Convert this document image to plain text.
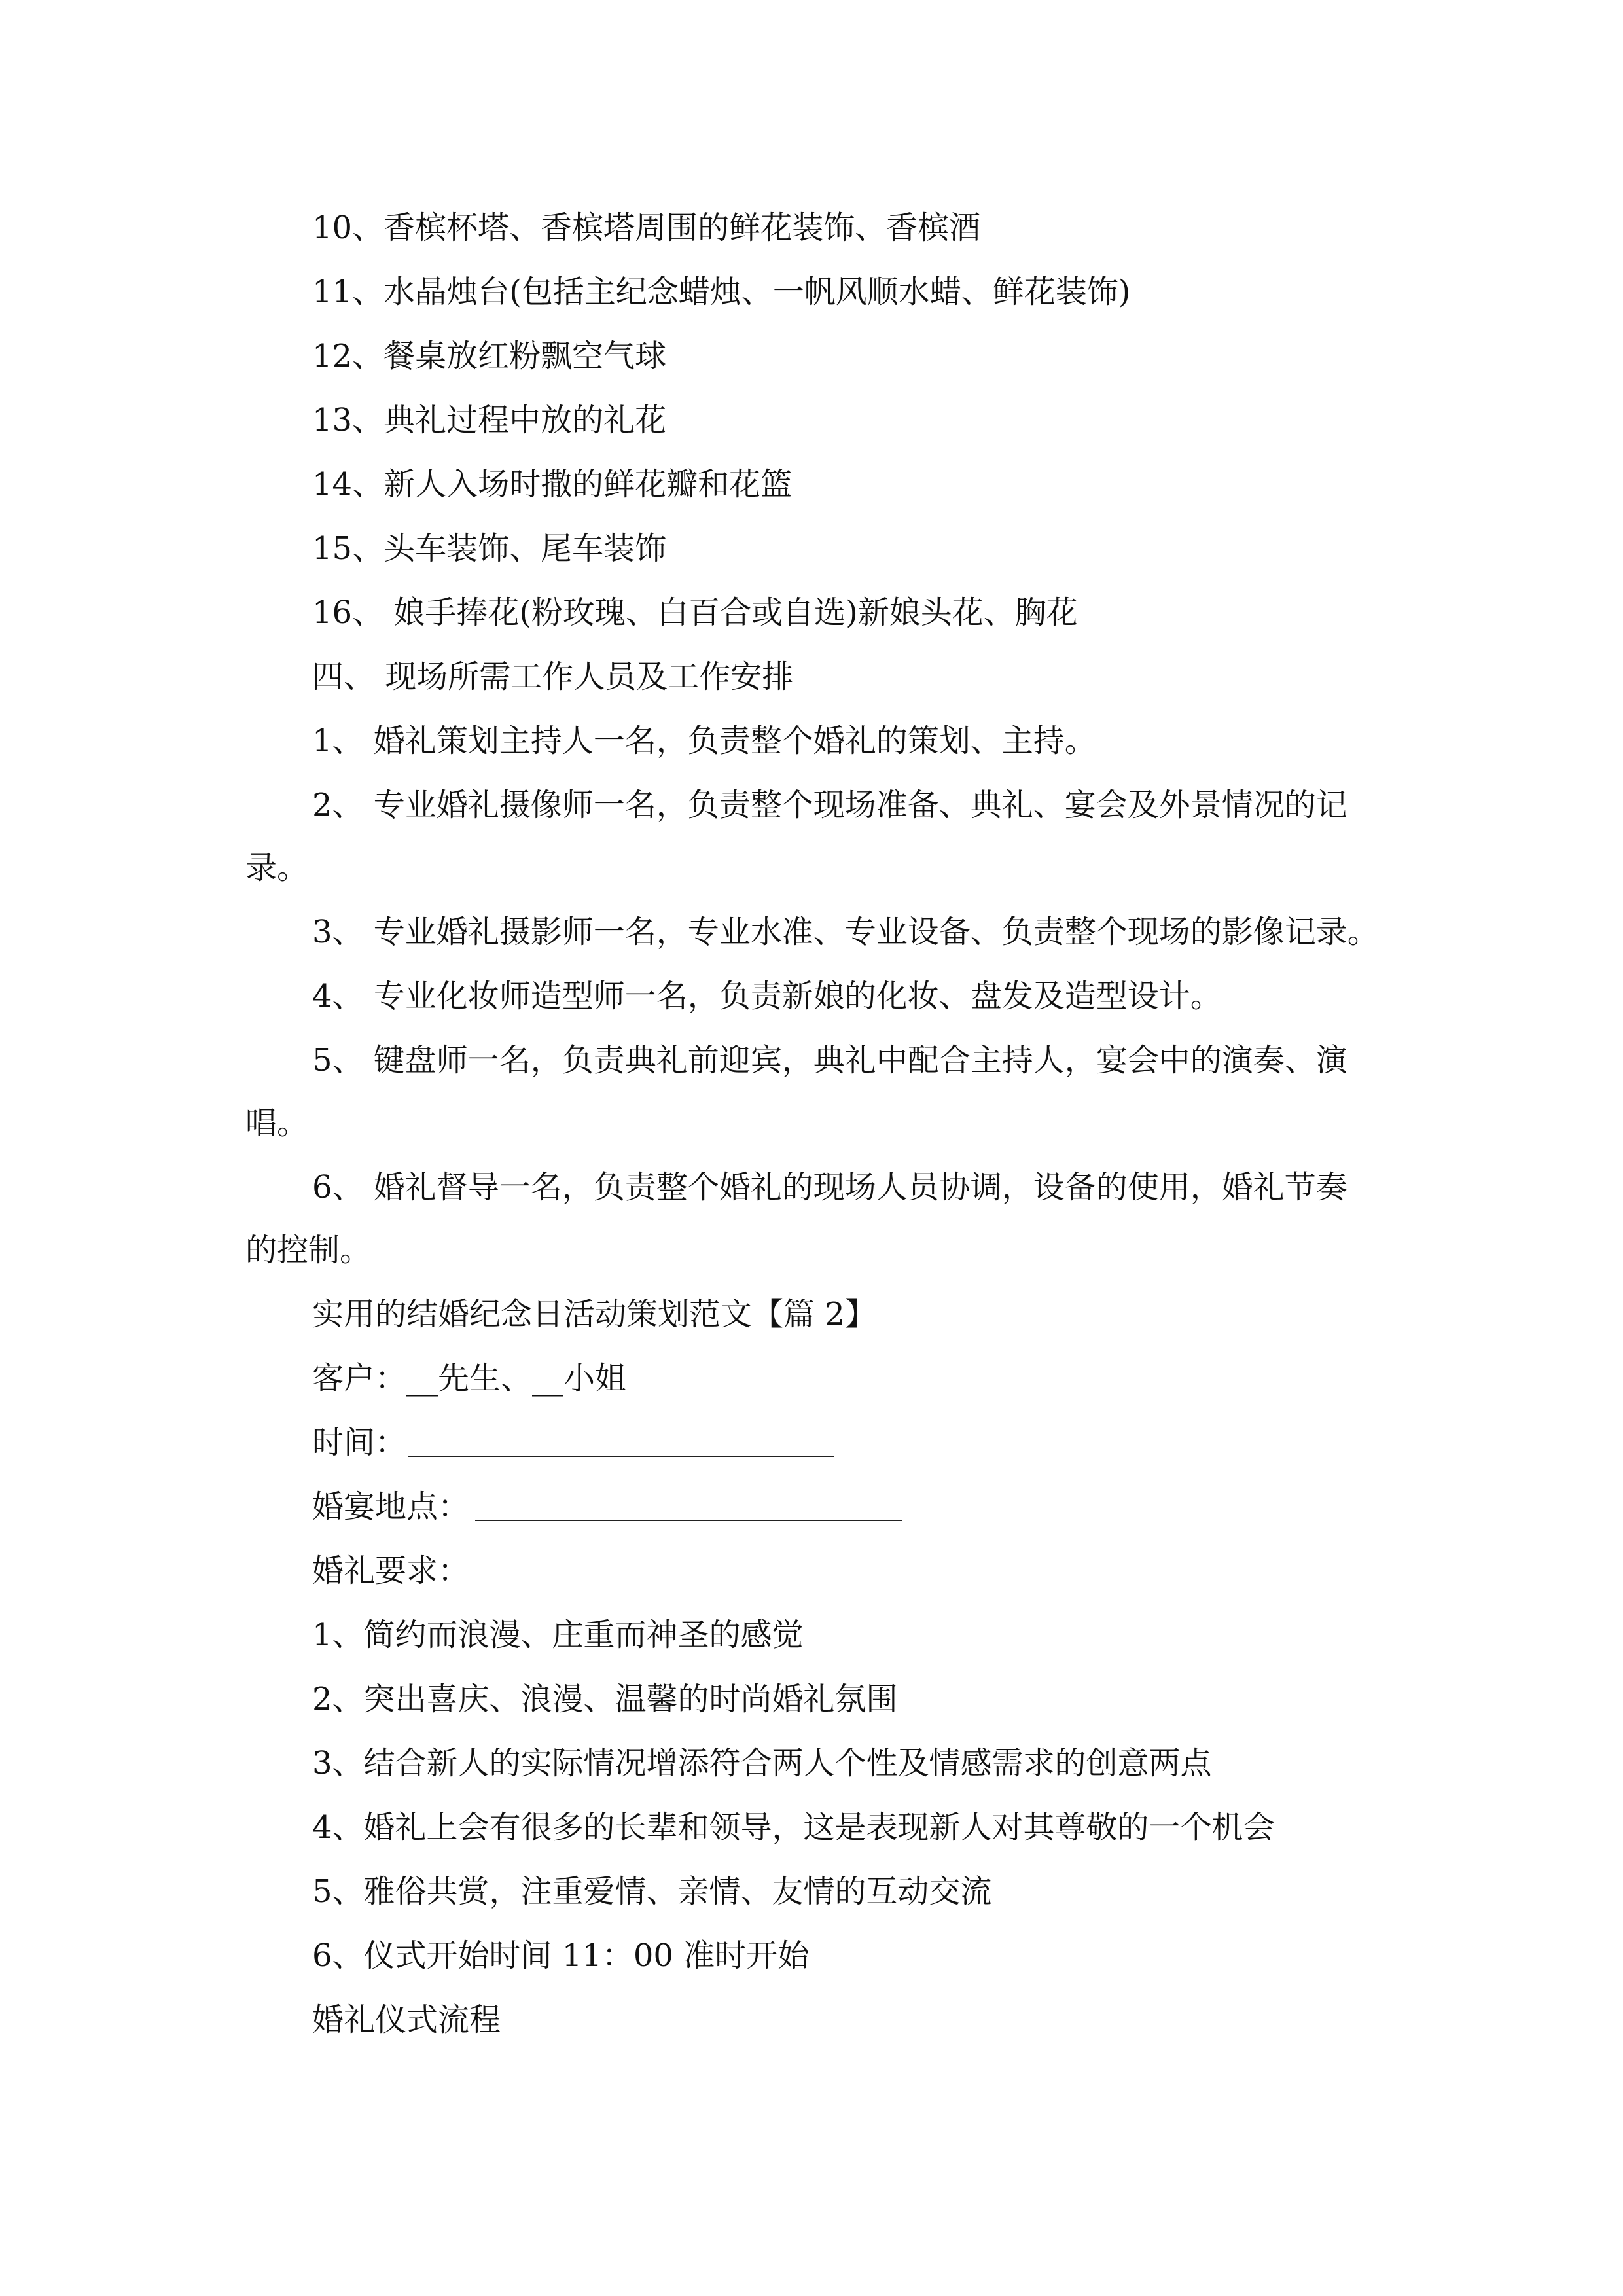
10、香槟杯塔、香槟塔周围的鲜花装饰、香槟酒
11、水晶烛台(包括主纪念蜡烛、一帆风顺水蜡、鲜花装饰)
12、餐桌放红粉飘空气球
13、典礼过程中放的礼花
14、新人入场时撒的鲜花瓣和花篮
15、头车装饰、尾车装饰
16、 娘手捧花(粉玫瑰、白百合或自选)新娘头花、胸花
四、 现场所需工作人员及工作安排
1、 婚礼策划主持人一名，负责整个婚礼的策划、主持。
2、 专业婚礼摄像师一名，负责整个现场准备、典礼、宴会及外景情况的记
录。
3、 专业婚礼摄影师一名，专业水准、专业设备、负责整个现场的影像记录。
4、 专业化妆师造型师一名，负责新娘的化妆、盘发及造型设计。
5、 键盘师一名，负责典礼前迎宾，典礼中配合主持人，宴会中的演奏、演
唱。
6、 婚礼督导一名，负责整个婚礼的现场人员协调，设备的使用，婚礼节奏
的控制。
实用的结婚纪念日活动策划范文【篇 2】
客户：__先生、__小姐
时间：
婚宴地点：
婚礼要求：
1、简约而浪漫、庄重而神圣的感觉
2、突出喜庆、浪漫、温馨的时尚婚礼氛围
3、结合新人的实际情况增添符合两人个性及情感需求的创意两点
4、婚礼上会有很多的长辈和领导，这是表现新人对其尊敬的一个机会
5、雅俗共赏，注重爱情、亲情、友情的互动交流
6、仪式开始时间 11：00 准时开始
婚礼仪式流程
